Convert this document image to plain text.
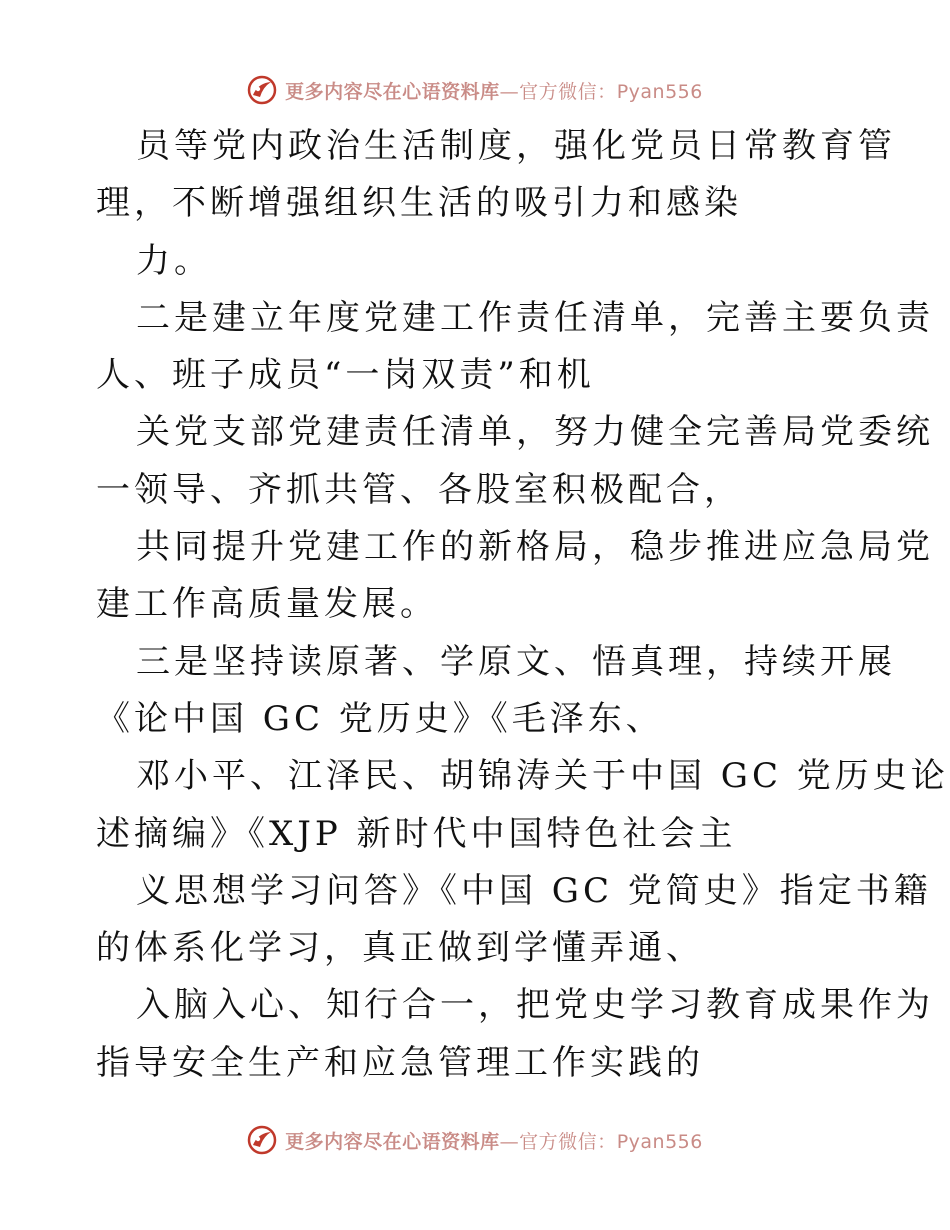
更多内容尽在心语资料库—官方微信：Pyan556
员等党内政治生活制度，强化党员日常教育管
理，不断增强组织生活的吸引力和感染
力。
二是建立年度党建工作责任清单，完善主要负责
人、班子成员“一岗双责”和机
关党支部党建责任清单，努力健全完善局党委统
一领导、齐抓共管、各股室积极配合，
共同提升党建工作的新格局，稳步推进应急局党
建工作高质量发展。
三是坚持读原著、学原文、悟真理，持续开展
《论中国 GC 党历史》《毛泽东、
邓小平、江泽民、胡锦涛关于中国 GC 党历史论
述摘编》《XJP 新时代中国特色社会主
义思想学习问答》《中国 GC 党简史》指定书籍
的体系化学习，真正做到学懂弄通、
入脑入心、知行合一，把党史学习教育成果作为
指导安全生产和应急管理工作实践的
更多内容尽在心语资料库—官方微信：Pyan556
